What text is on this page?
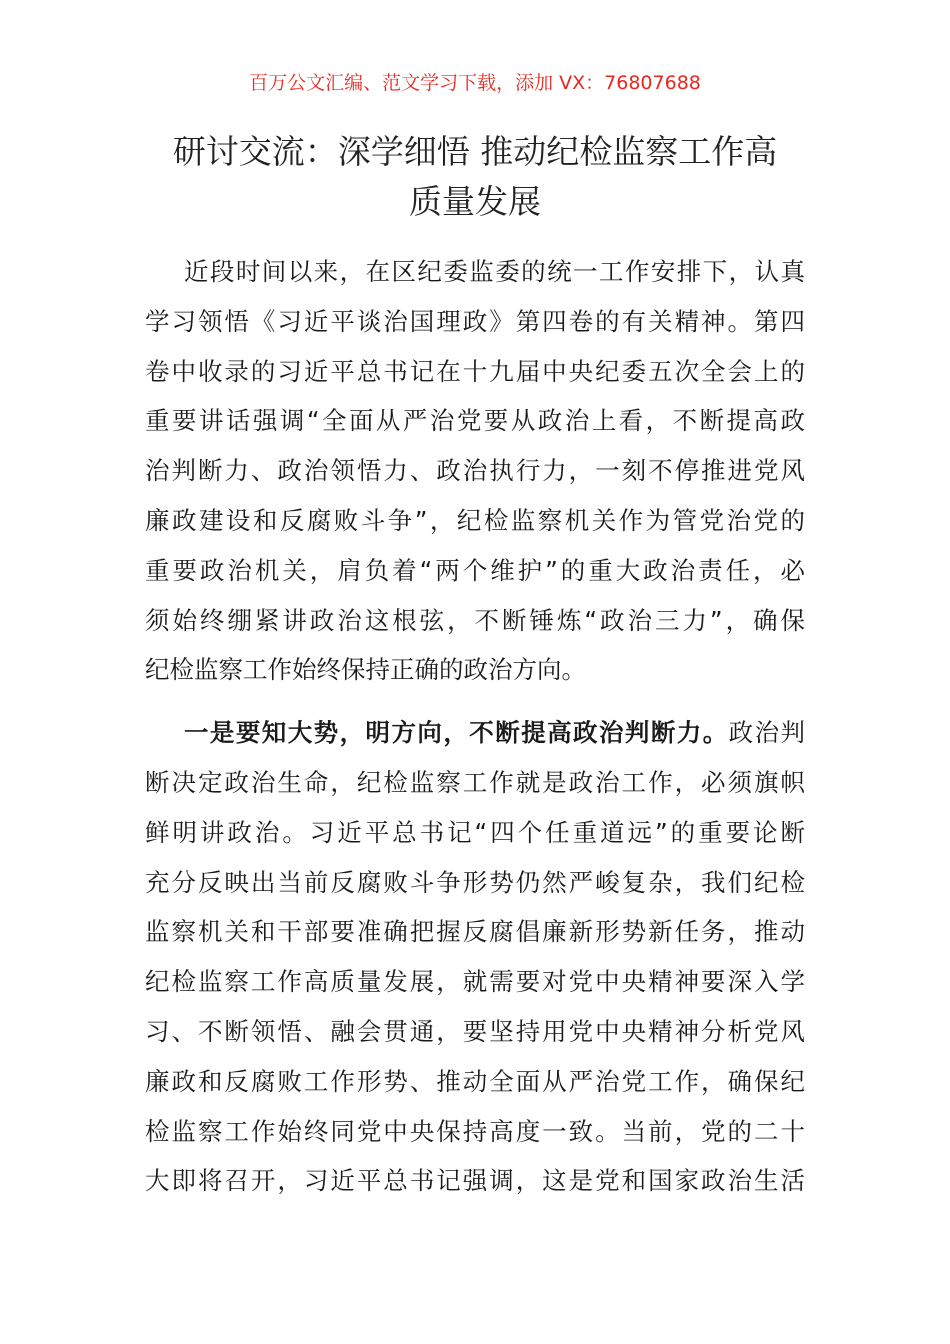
百万公文汇编、范文学习下载，添加 VX：76807688
研讨交流：深学细悟 推动纪检监察工作高
质量发展
近段时间以来，在区纪委监委的统一工作安排下，认真
学习领悟《习近平谈治国理政》第四卷的有关精神。第四
卷中收录的习近平总书记在十九届中央纪委五次全会上的
重要讲话强调“全面从严治党要从政治上看，不断提高政
治判断力、政治领悟力、政治执行力，一刻不停推进党风
廉政建设和反腐败斗争”，纪检监察机关作为管党治党的
重要政治机关，肩负着“两个维护”的重大政治责任，必
须始终绷紧讲政治这根弦，不断锤炼“政治三力”，确保
纪检监察工作始终保持正确的政治方向。
一是要知大势，明方向，不断提高政治判断力。政治判
断决定政治生命，纪检监察工作就是政治工作，必须旗帜
鲜明讲政治。习近平总书记“四个任重道远”的重要论断
充分反映出当前反腐败斗争形势仍然严峻复杂，我们纪检
监察机关和干部要准确把握反腐倡廉新形势新任务，推动
纪检监察工作高质量发展，就需要对党中央精神要深入学
习、不断领悟、融会贯通，要坚持用党中央精神分析党风
廉政和反腐败工作形势、推动全面从严治党工作，确保纪
检监察工作始终同党中央保持高度一致。当前，党的二十
大即将召开，习近平总书记强调，这是党和国家政治生活
